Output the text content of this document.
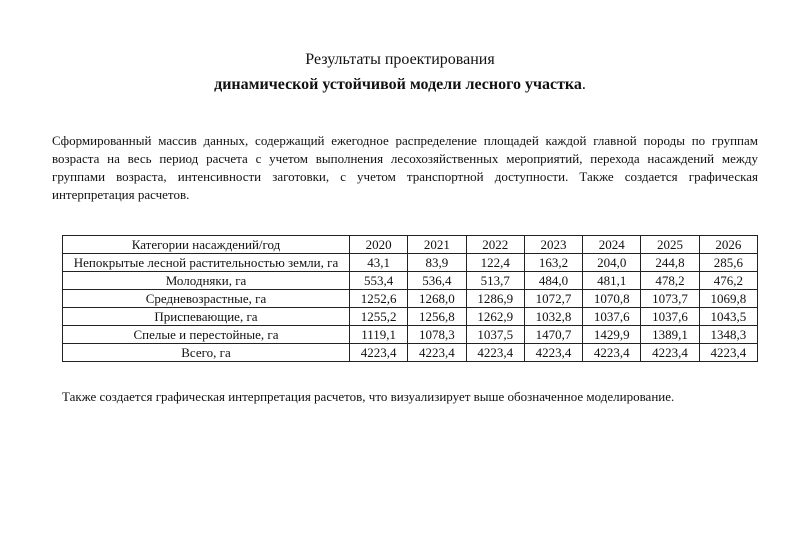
Результаты проектирования
динамической устойчивой модели лесного участка.
Сформированный массив данных, содержащий ежегодное распределение площадей каждой главной породы по группам возраста на весь период расчета с учетом выполнения лесохозяйственных мероприятий, перехода насаждений между группами возраста, интенсивности заготовки, с учетом транспортной доступности. Также создается графическая интерпретация расчетов.
Категории насаждений/год	2020	2021	2022	2023	2024	2025	2026
Непокрытые лесной растительностью земли, га	43,1	83,9	122,4	163,2	204,0	244,8	285,6
Молодняки, га	553,4	536,4	513,7	484,0	481,1	478,2	476,2
Средневозрастные, га	1252,6	1268,0	1286,9	1072,7	1070,8	1073,7	1069,8
Приспевающие, га	1255,2	1256,8	1262,9	1032,8	1037,6	1037,6	1043,5
Спелые и перестойные, га	1119,1	1078,3	1037,5	1470,7	1429,9	1389,1	1348,3
Всего, га	4223,4	4223,4	4223,4	4223,4	4223,4	4223,4	4223,4
Также создается графическая интерпретация расчетов, что визуализирует выше обозначенное моделирование.
